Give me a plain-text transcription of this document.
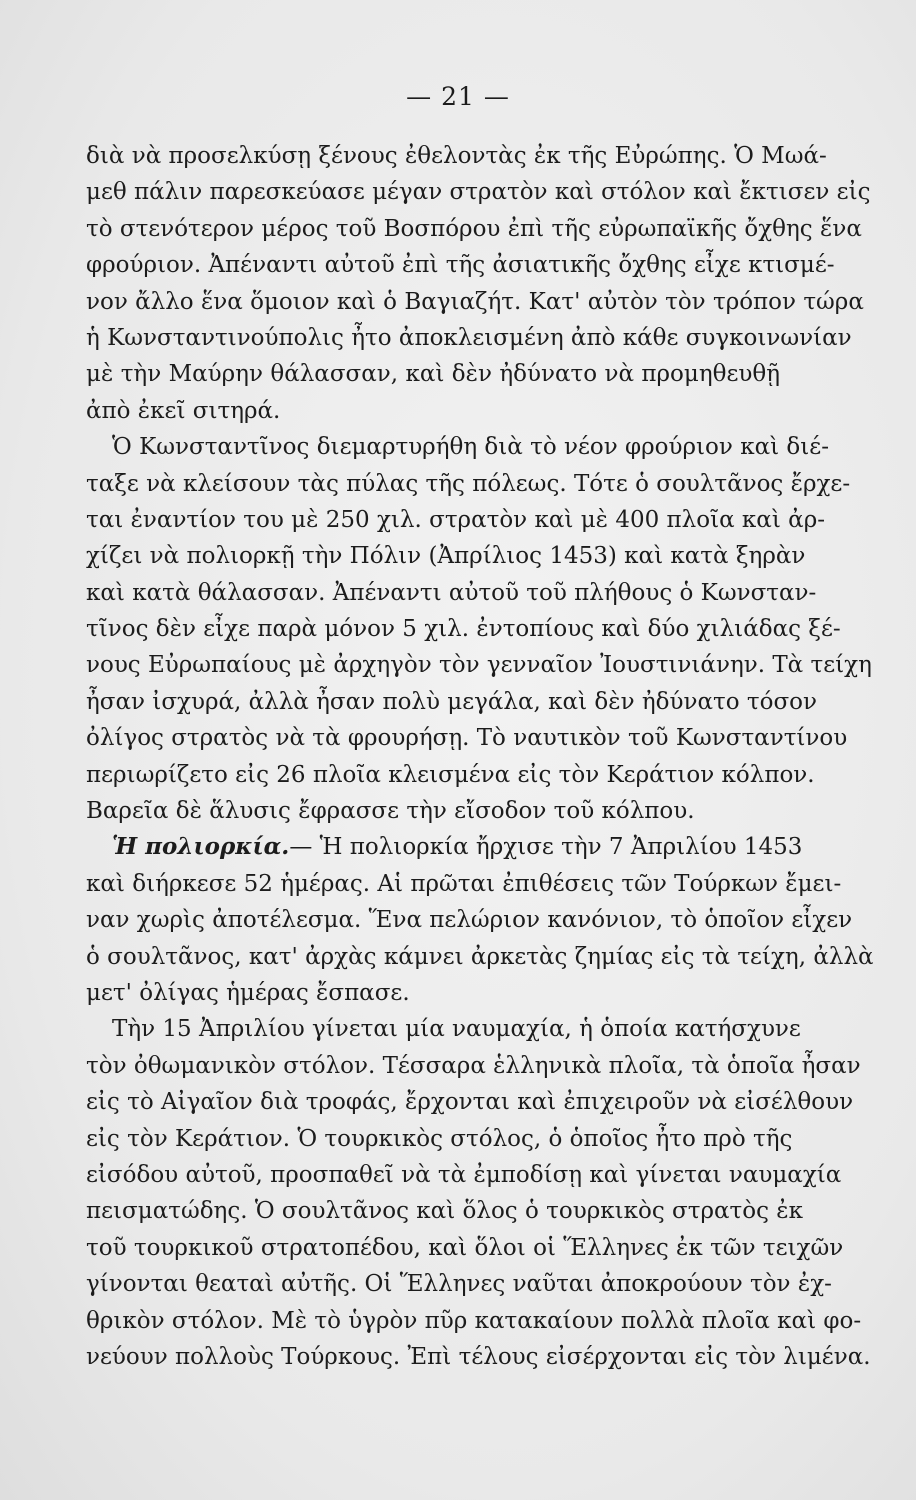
— 21 —
διὰ νὰ προσελκύσῃ ξένους ἐθελοντὰς ἐκ τῆς Εὐρώπης. Ὁ Μωά-
μεθ πάλιν παρεσκεύασε μέγαν στρατὸν καὶ στόλον καὶ ἔκτισεν εἰς
τὸ στενότερον μέρος τοῦ Βοσπόρου ἐπὶ τῆς εὐρωπαϊκῆς ὄχθης ἕνα
φρούριον. Ἀπέναντι αὐτοῦ ἐπὶ τῆς ἀσιατικῆς ὄχθης εἶχε κτισμέ-
νον ἄλλο ἕνα ὅμοιον καὶ ὁ Βαγιαζήτ. Κατ' αὐτὸν τὸν τρόπον τώρα
ἡ Κωνσταντινούπολις ἦτο ἀποκλεισμένη ἀπὸ κάθε συγκοινωνίαν
μὲ τὴν Μαύρην θάλασσαν, καὶ δὲν ἠδύνατο νὰ προμηθευθῇ
ἀπὸ ἐκεῖ σιτηρά.
Ὁ Κωνσταντῖνος διεμαρτυρήθη διὰ τὸ νέον φρούριον καὶ διέ-
ταξε νὰ κλείσουν τὰς πύλας τῆς πόλεως. Τότε ὁ σουλτᾶνος ἔρχε-
ται ἐναντίον του μὲ 250 χιλ. στρατὸν καὶ μὲ 400 πλοῖα καὶ ἀρ-
χίζει νὰ πολιορκῇ τὴν Πόλιν (Ἀπρίλιος 1453) καὶ κατὰ ξηρὰν
καὶ κατὰ θάλασσαν. Ἀπέναντι αὐτοῦ τοῦ πλήθους ὁ Κωνσταν-
τῖνος δὲν εἶχε παρὰ μόνον 5 χιλ. ἐντοπίους καὶ δύο χιλιάδας ξέ-
νους Εὐρωπαίους μὲ ἀρχηγὸν τὸν γενναῖον Ἰουστινιάνην. Τὰ τείχη
ἦσαν ἰσχυρά, ἀλλὰ ἦσαν πολὺ μεγάλα, καὶ δὲν ἠδύνατο τόσον
ὀλίγος στρατὸς νὰ τὰ φρουρήσῃ. Τὸ ναυτικὸν τοῦ Κωνσταντίνου
περιωρίζετο εἰς 26 πλοῖα κλεισμένα εἰς τὸν Κεράτιον κόλπον.
Βαρεῖα δὲ ἅλυσις ἔφρασσε τὴν εἴσοδον τοῦ κόλπου.
Ἡ πολιορκία.— Ἡ πολιορκία ἤρχισε τὴν 7 Ἀπριλίου 1453
καὶ διήρκεσε 52 ἡμέρας. Αἱ πρῶται ἐπιθέσεις τῶν Τούρκων ἔμει-
ναν χωρὶς ἀποτέλεσμα. Ἕνα πελώριον κανόνιον, τὸ ὁποῖον εἶχεν
ὁ σουλτᾶνος, κατ' ἀρχὰς κάμνει ἀρκετὰς ζημίας εἰς τὰ τείχη, ἀλλὰ
μετ' ὀλίγας ἡμέρας ἔσπασε.
Τὴν 15 Ἀπριλίου γίνεται μία ναυμαχία, ἡ ὁποία κατήσχυνε
τὸν ὀθωμανικὸν στόλον. Τέσσαρα ἑλληνικὰ πλοῖα, τὰ ὁποῖα ἦσαν
εἰς τὸ Αἰγαῖον διὰ τροφάς, ἔρχονται καὶ ἐπιχειροῦν νὰ εἰσέλθουν
εἰς τὸν Κεράτιον. Ὁ τουρκικὸς στόλος, ὁ ὁποῖος ἦτο πρὸ τῆς
εἰσόδου αὐτοῦ, προσπαθεῖ νὰ τὰ ἐμποδίσῃ καὶ γίνεται ναυμαχία
πεισματώδης. Ὁ σουλτᾶνος καὶ ὅλος ὁ τουρκικὸς στρατὸς ἐκ
τοῦ τουρκικοῦ στρατοπέδου, καὶ ὅλοι οἱ Ἕλληνες ἐκ τῶν τειχῶν
γίνονται θεαταὶ αὐτῆς. Οἱ Ἕλληνες ναῦται ἀποκρούουν τὸν ἐχ-
θρικὸν στόλον. Μὲ τὸ ὑγρὸν πῦρ κατακαίουν πολλὰ πλοῖα καὶ φο-
νεύουν πολλοὺς Τούρκους. Ἐπὶ τέλους εἰσέρχονται εἰς τὸν λιμένα.
